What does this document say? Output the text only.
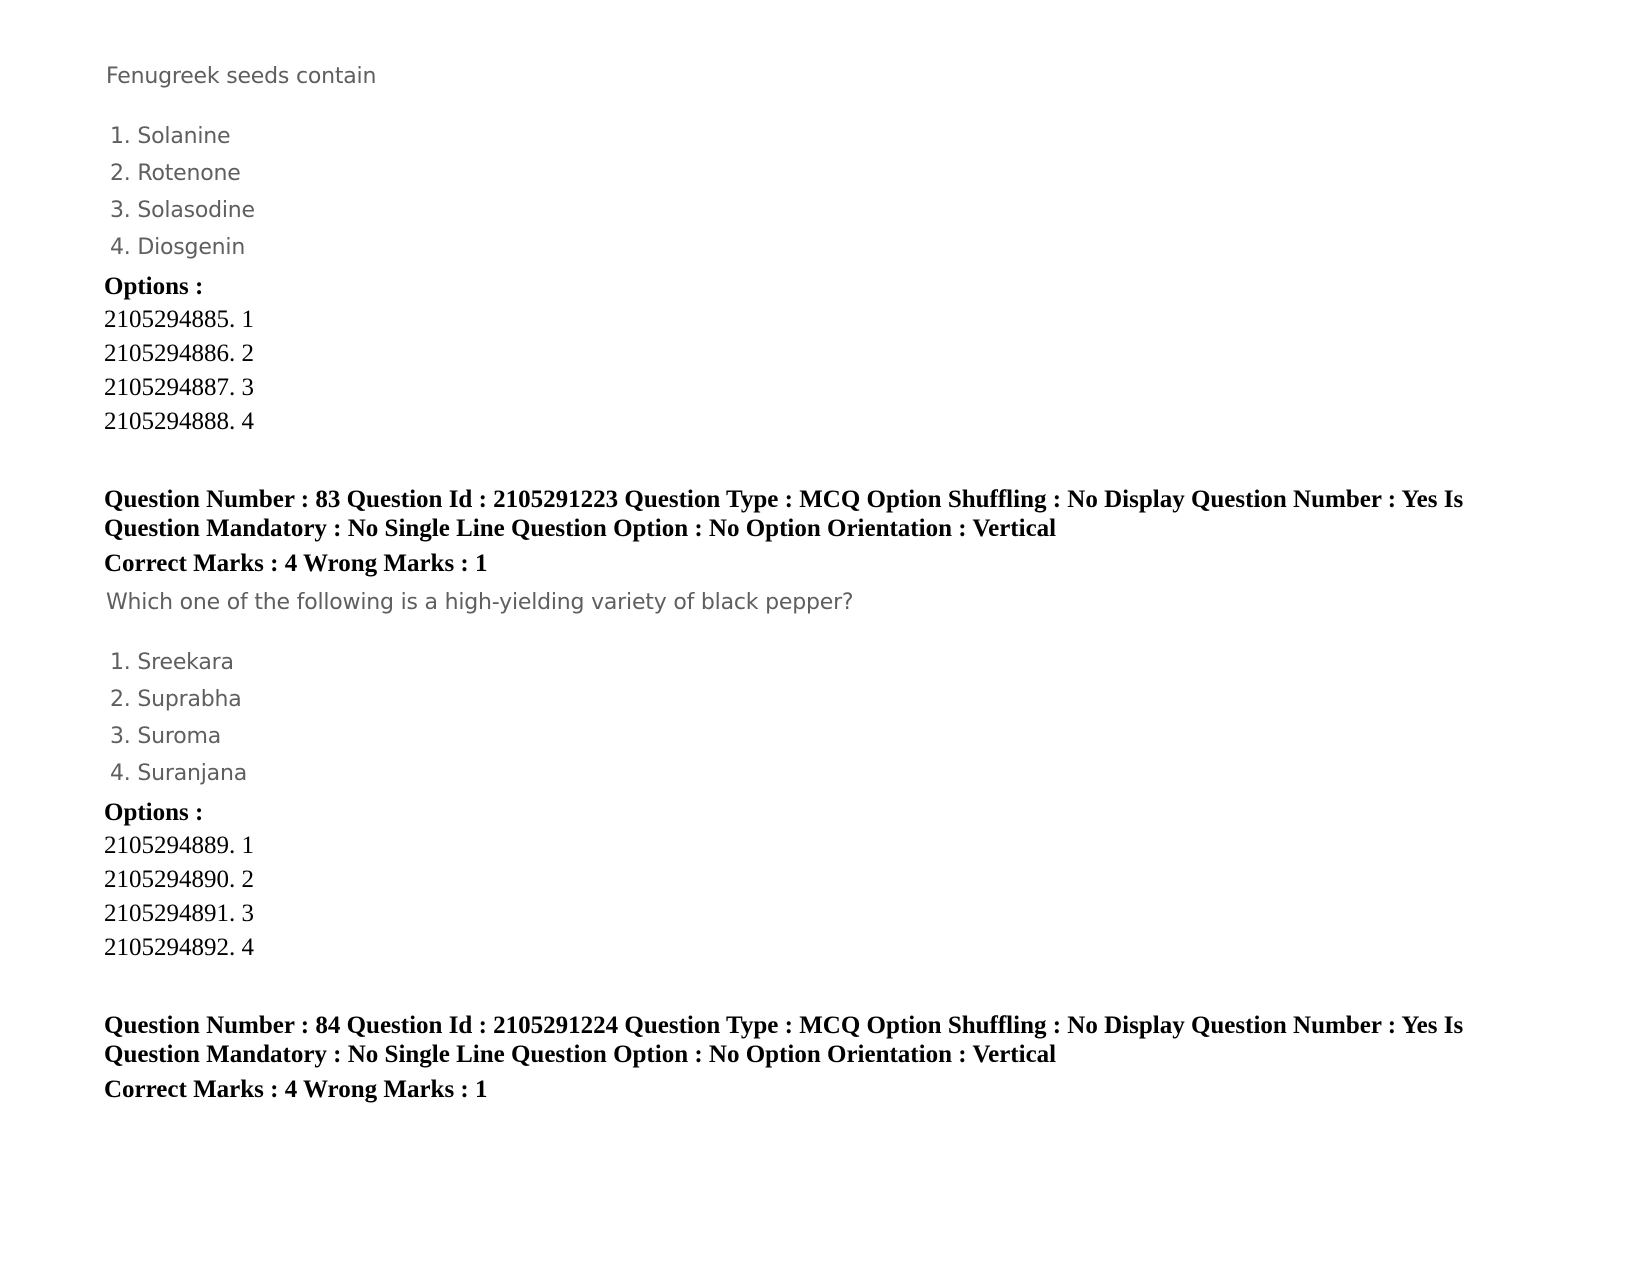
Fenugreek seeds contain
1. Solanine
2. Rotenone
3. Solasodine
4. Diosgenin
Options :
2105294885. 1
2105294886. 2
2105294887. 3
2105294888. 4
Question Number : 83 Question Id : 2105291223 Question Type : MCQ Option Shuffling : No Display Question Number : Yes Is Question Mandatory : No Single Line Question Option : No Option Orientation : Vertical
Correct Marks : 4 Wrong Marks : 1
Which one of the following is a high-yielding variety of black pepper?
1. Sreekara
2. Suprabha
3. Suroma
4. Suranjana
Options :
2105294889. 1
2105294890. 2
2105294891. 3
2105294892. 4
Question Number : 84 Question Id : 2105291224 Question Type : MCQ Option Shuffling : No Display Question Number : Yes Is Question Mandatory : No Single Line Question Option : No Option Orientation : Vertical
Correct Marks : 4 Wrong Marks : 1
